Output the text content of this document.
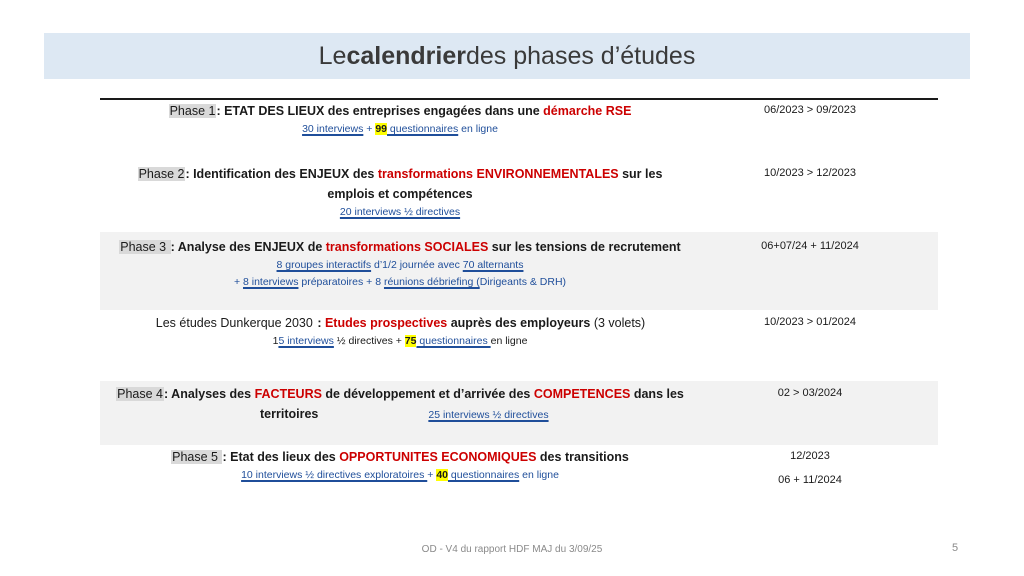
Le calendrier des phases d’études
Phase 1: ETAT DES LIEUX des entreprises engagées dans une démarche RSE
30 interviews + 99 questionnaires en ligne
06/2023 > 09/2023
Phase 2: Identification des ENJEUX des transformations ENVIRONNEMENTALES sur les
emplois et compétences
20 interviews ½ directives
10/2023 > 12/2023
Phase 3 : Analyse des ENJEUX de transformations SOCIALES sur les tensions de recrutement
8 groupes interactifs d’1/2 journée avec 70 alternants
+ 8 interviews préparatoires + 8 réunions débriefing (Dirigeants & DRH)
06+07/24 + 11/2024
Les études Dunkerque 2030 : Etudes prospectives auprès des employeurs (3 volets)
15 interviews ½ directives + 75 questionnaires en ligne
10/2023 > 01/2024
Phase 4: Analyses des FACTEURS de développement et d’arrivée des COMPETENCES dans les
territoires	25 interviews ½ directives
02 > 03/2024
Phase 5 : Etat des lieux des OPPORTUNITES ECONOMIQUES des transitions
10 interviews ½ directives exploratoires + 40 questionnaires en ligne
12/2023
06 + 11/2024
OD - V4 du rapport HDF MAJ du 3/09/25	5
